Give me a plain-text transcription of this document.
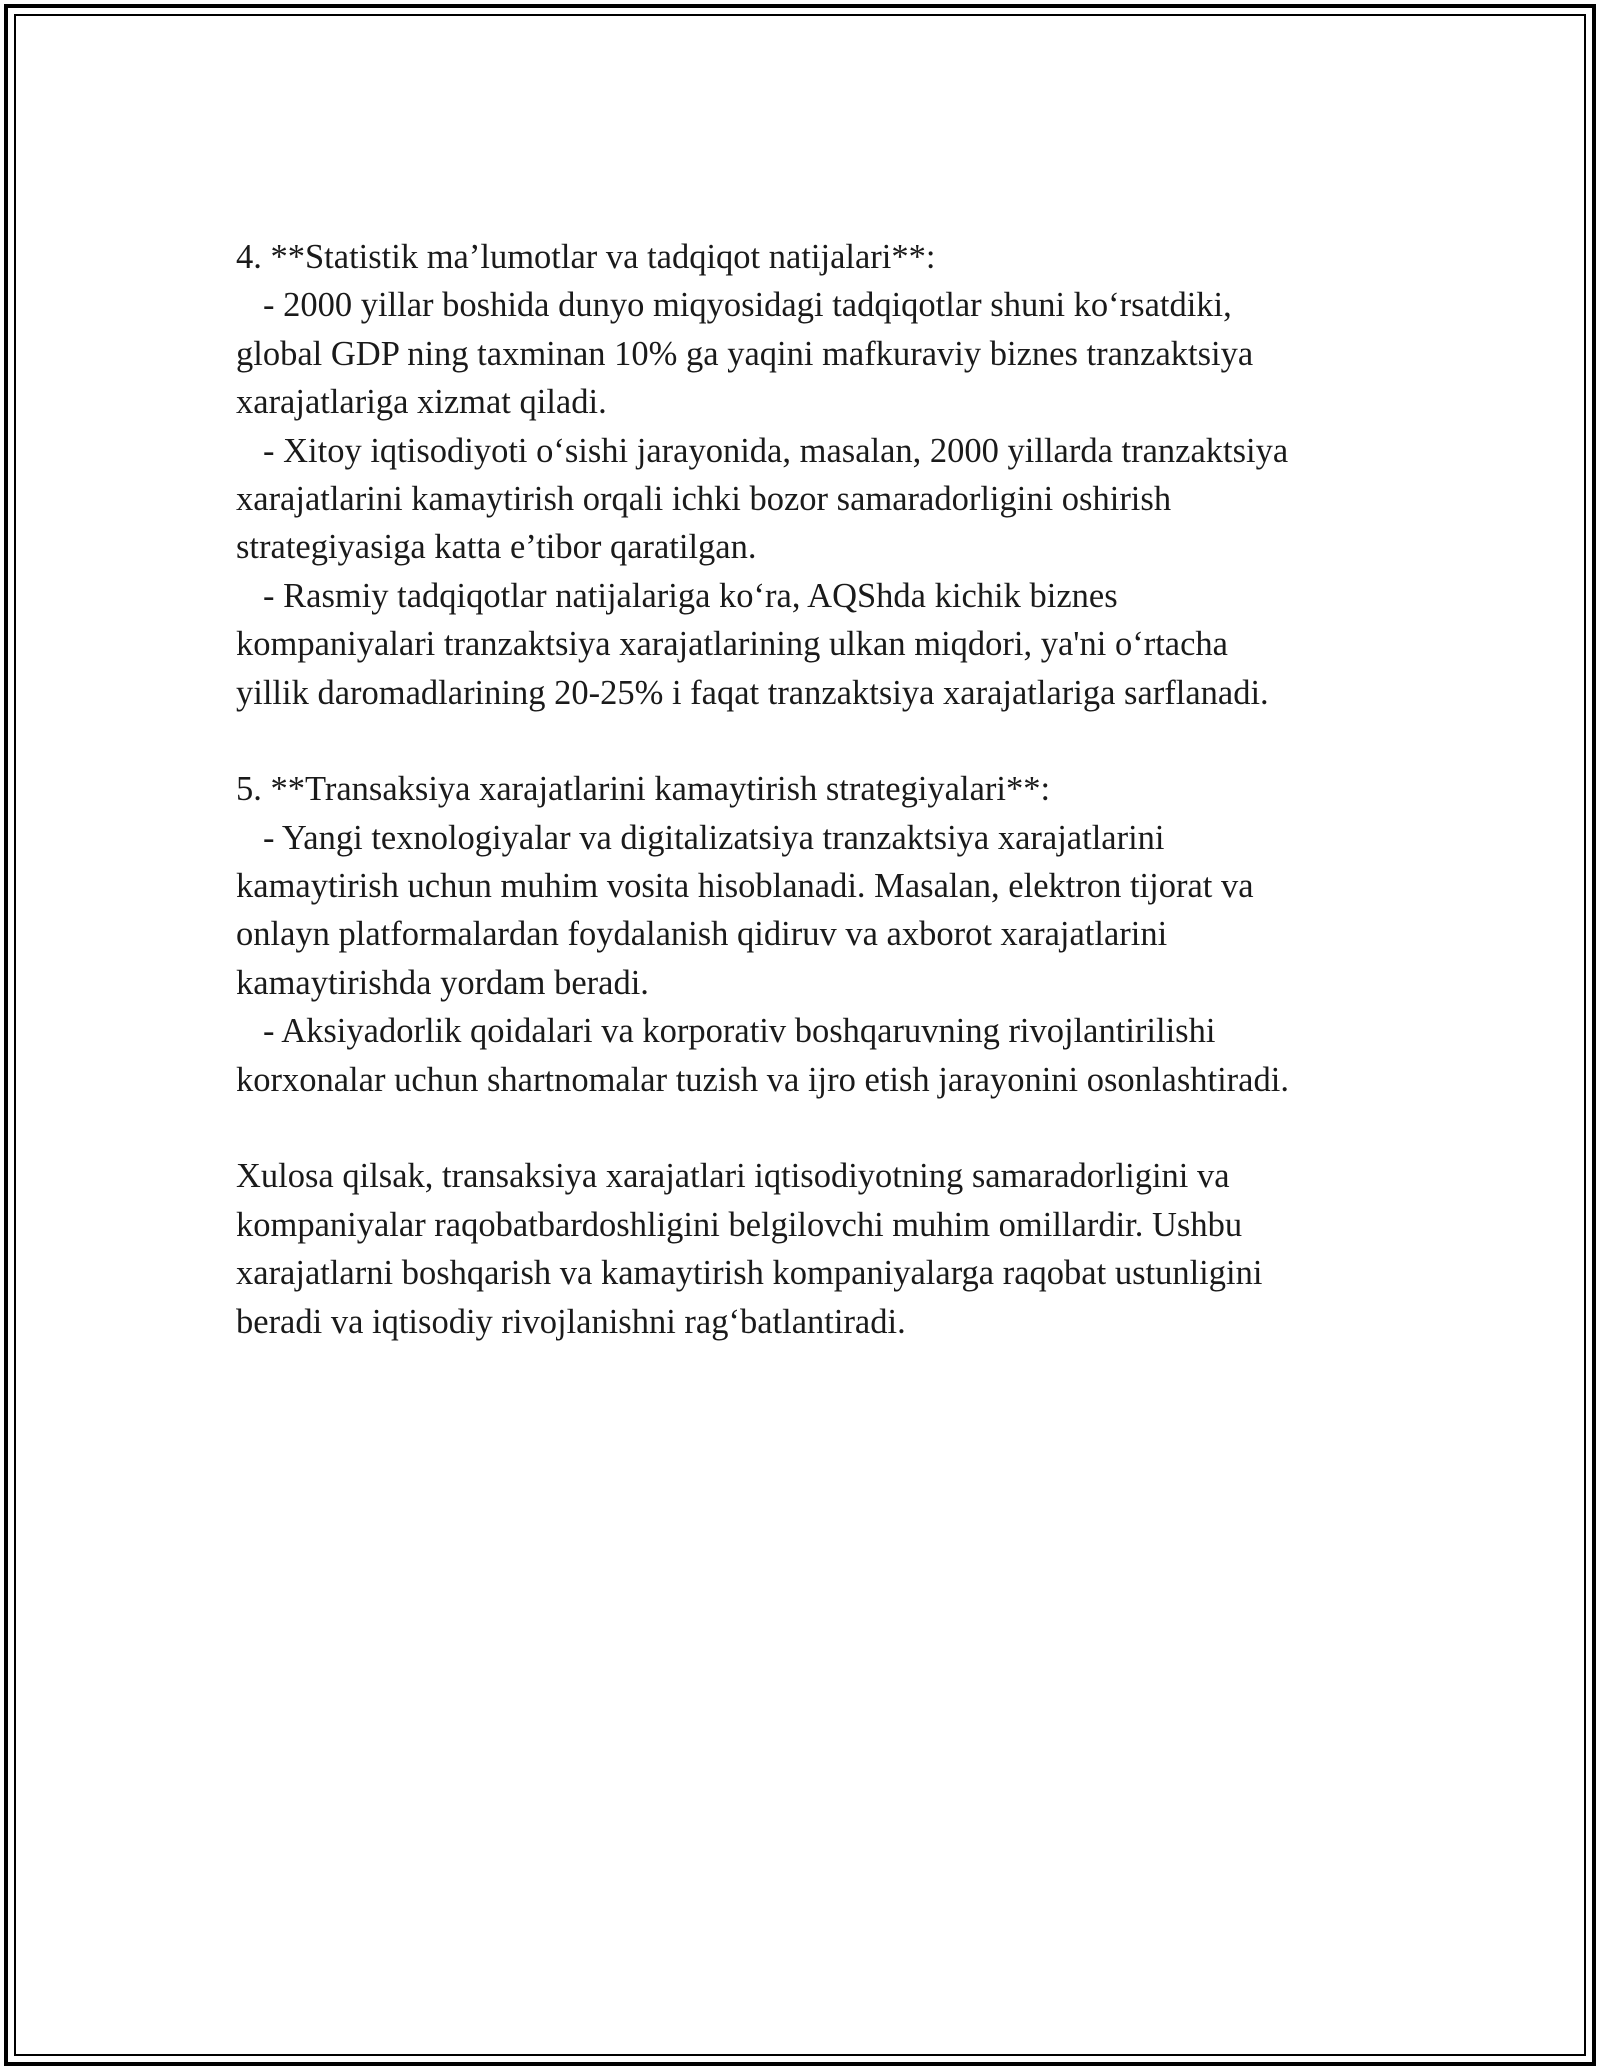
4. **Statistik ma’lumotlar va tadqiqot natijalari**:
- 2000 yillar boshida dunyo miqyosidagi tadqiqotlar shuni ko‘rsatdiki,
global GDP ning taxminan 10% ga yaqini mafkuraviy biznes tranzaktsiya
xarajatlariga xizmat qiladi.
- Xitoy iqtisodiyoti o‘sishi jarayonida, masalan, 2000 yillarda tranzaktsiya
xarajatlarini kamaytirish orqali ichki bozor samaradorligini oshirish
strategiyasiga katta e’tibor qaratilgan.
- Rasmiy tadqiqotlar natijalariga ko‘ra, AQShda kichik biznes
kompaniyalari tranzaktsiya xarajatlarining ulkan miqdori, ya'ni o‘rtacha
yillik daromadlarining 20-25% i faqat tranzaktsiya xarajatlariga sarflanadi.
5. **Transaksiya xarajatlarini kamaytirish strategiyalari**:
- Yangi texnologiyalar va digitalizatsiya tranzaktsiya xarajatlarini
kamaytirish uchun muhim vosita hisoblanadi. Masalan, elektron tijorat va
onlayn platformalardan foydalanish qidiruv va axborot xarajatlarini
kamaytirishda yordam beradi.
- Aksiyadorlik qoidalari va korporativ boshqaruvning rivojlantirilishi
korxonalar uchun shartnomalar tuzish va ijro etish jarayonini osonlashtiradi.
Xulosa qilsak, transaksiya xarajatlari iqtisodiyotning samaradorligini va
kompaniyalar raqobatbardoshligini belgilovchi muhim omillardir. Ushbu
xarajatlarni boshqarish va kamaytirish kompaniyalarga raqobat ustunligini
beradi va iqtisodiy rivojlanishni rag‘batlantiradi.
